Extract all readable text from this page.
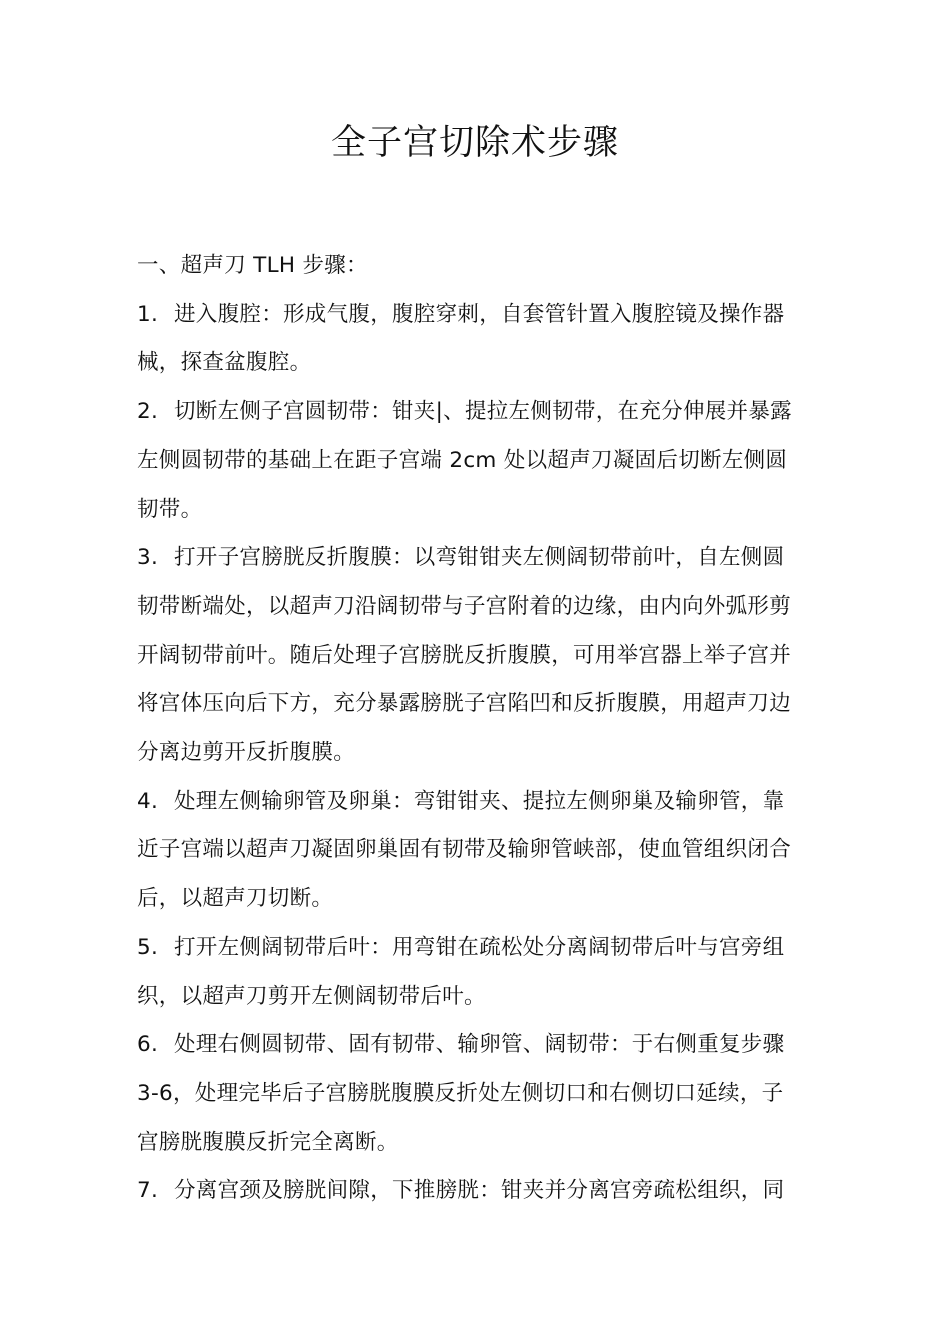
全子宫切除术步骤
一、超声刀 TLH 步骤：
1. 进入腹腔：形成气腹，腹腔穿刺，自套管针置入腹腔镜及操作器
械，探查盆腹腔。
2. 切断左侧子宫圆韧带：钳夹|、提拉左侧韧带，在充分伸展并暴露
左侧圆韧带的基础上在距子宫端 2cm 处以超声刀凝固后切断左侧圆
韧带。
3. 打开子宫膀胱反折腹膜：以弯钳钳夹左侧阔韧带前叶，自左侧圆
韧带断端处，以超声刀沿阔韧带与子宫附着的边缘，由内向外弧形剪
开阔韧带前叶。随后处理子宫膀胱反折腹膜，可用举宫器上举子宫并
将宫体压向后下方，充分暴露膀胱子宫陷凹和反折腹膜，用超声刀边
分离边剪开反折腹膜。
4. 处理左侧输卵管及卵巢：弯钳钳夹、提拉左侧卵巢及输卵管，靠
近子宫端以超声刀凝固卵巢固有韧带及输卵管峡部，使血管组织闭合
后，以超声刀切断。
5. 打开左侧阔韧带后叶：用弯钳在疏松处分离阔韧带后叶与宫旁组
织，以超声刀剪开左侧阔韧带后叶。
6. 处理右侧圆韧带、固有韧带、输卵管、阔韧带：于右侧重复步骤
3-6，处理完毕后子宫膀胱腹膜反折处左侧切口和右侧切口延续，子
宫膀胱腹膜反折完全离断。
7. 分离宫颈及膀胱间隙，下推膀胱：钳夹并分离宫旁疏松组织，同
